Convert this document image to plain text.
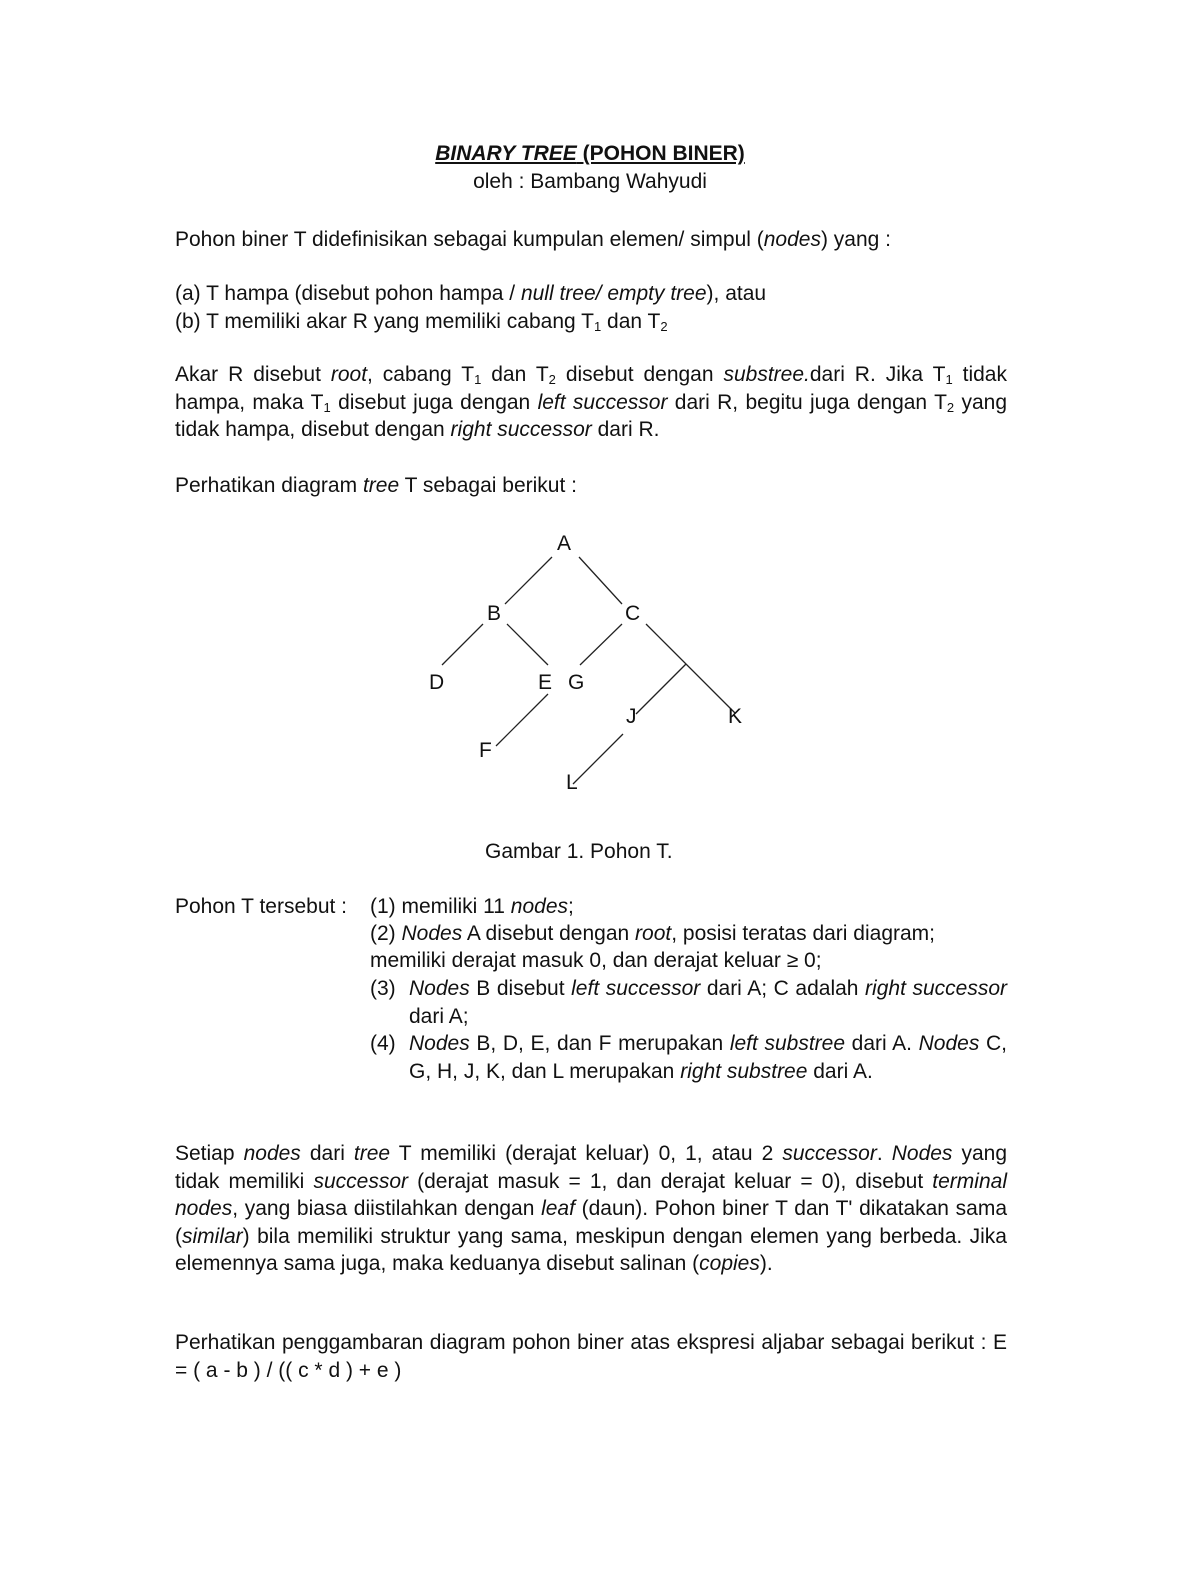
BINARY TREE (POHON BINER)
oleh : Bambang Wahyudi
Pohon biner T didefinisikan sebagai kumpulan elemen/ simpul (nodes) yang :
(a) T hampa (disebut pohon hampa / null tree/ empty tree), atau
(b) T memiliki akar R yang memiliki cabang $T_1$ dan $T_2$
Akar R disebut root, cabang $T_1$ dan $T_2$ disebut dengan substree.dari R. Jika $T_1$ tidak hampa, maka $T_1$ disebut juga dengan left successor dari R, begitu juga dengan $T_2$ yang tidak hampa, disebut dengan right successor dari R.
Perhatikan diagram tree T sebagai berikut :
A
B	C
D	E G
J	K
F
L
Gambar 1. Pohon T.
Pohon T tersebut : (1) memiliki 11 nodes;
(2) Nodes A disebut dengan root, posisi teratas dari diagram;
memiliki derajat masuk 0, dan derajat keluar ≥ 0;
(3) Nodes B disebut left successor dari A; C adalah right successor dari A;
(4) Nodes B, D, E, dan F merupakan left substree dari A. Nodes C, G, H, J, K, dan L merupakan right substree dari A.
Setiap nodes dari tree T memiliki (derajat keluar) 0, 1, atau 2 successor. Nodes yang tidak memiliki successor (derajat masuk = 1, dan derajat keluar = 0), disebut terminal nodes, yang biasa diistilahkan dengan leaf (daun). Pohon biner T dan T' dikatakan sama (similar) bila memiliki struktur yang sama, meskipun dengan elemen yang berbeda. Jika elemennya sama juga, maka keduanya disebut salinan (copies).
Perhatikan penggambaran diagram pohon biner atas ekspresi aljabar sebagai berikut : E = ( a - b ) / (( c * d ) + e )
